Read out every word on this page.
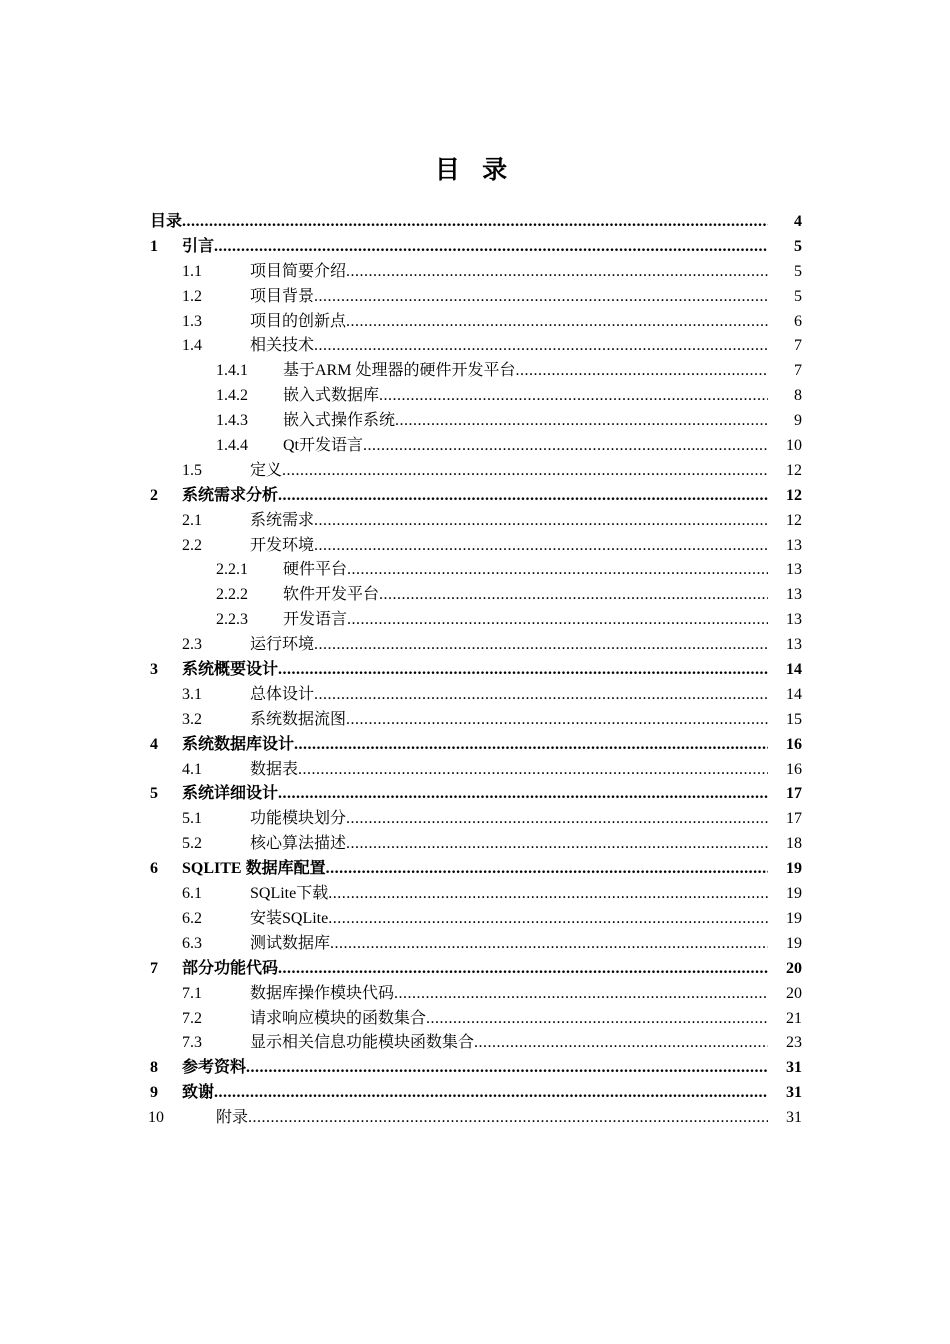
目 录
目录 .....	4
1 引言 .....	5
1.1	项目简要介绍 .....	5
1.2	项目背景 .....	5
1.3	项目的创新点 .....	6
1.4	相关技术 .....	7
1.4.1 基于ARM 处理器的硬件开发平台 .....	7
1.4.2 嵌入式数据库 .....	8
1.4.3 嵌入式操作系统 .....	9
1.4.4 Qt开发语言 .....	10
1.5	定义 .....	12
2 系统需求分析 .....	12
2.1	系统需求 .....	12
2.2	开发环境 .....	13
2.2.1 硬件平台 .....	13
2.2.2 软件开发平台 .....	13
2.2.3 开发语言 .....	13
2.3	运行环境 .....	13
3 系统概要设计 .....	14
3.1	总体设计 .....	14
3.2	系统数据流图 .....	15
4 系统数据库设计 .....	16
4.1	数据表 .....	16
5 系统详细设计 .....	17
5.1	功能模块划分 .....	17
5.2	核心算法描述 .....	18
6 SQLITE 数据库配置 .....	19
6.1	SQLite下载 .....	19
6.2	安装SQLite .....	19
6.3	测试数据库 .....	19
7 部分功能代码 .....	20
7.1	数据库操作模块代码 .....	20
7.2	请求响应模块的函数集合 .....	21
7.3	显示相关信息功能模块函数集合 .....	23
8 参考资料 .....	31
9 致谢 .....	31
10	附录 .....	31
